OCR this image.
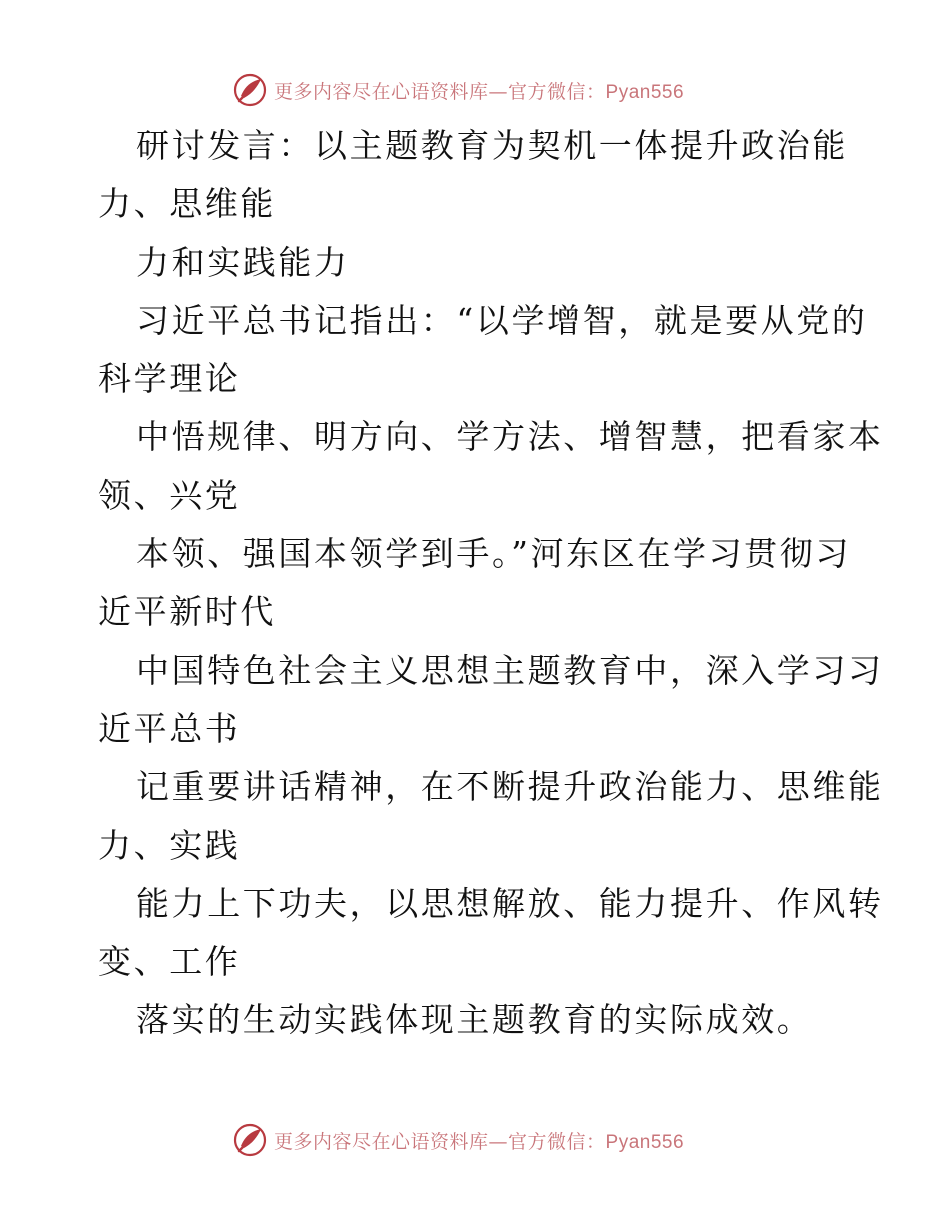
更多内容尽在心语资料库—官方微信：Pyan556
研讨发言：以主题教育为契机一体提升政治能
力、思维能
力和实践能力
习近平总书记指出：“以学增智，就是要从党的
科学理论
中悟规律、明方向、学方法、增智慧，把看家本
领、兴党
本领、强国本领学到手。”河东区在学习贯彻习
近平新时代
中国特色社会主义思想主题教育中，深入学习习
近平总书
记重要讲话精神，在不断提升政治能力、思维能
力、实践
能力上下功夫，以思想解放、能力提升、作风转
变、工作
落实的生动实践体现主题教育的实际成效。
更多内容尽在心语资料库—官方微信：Pyan556
